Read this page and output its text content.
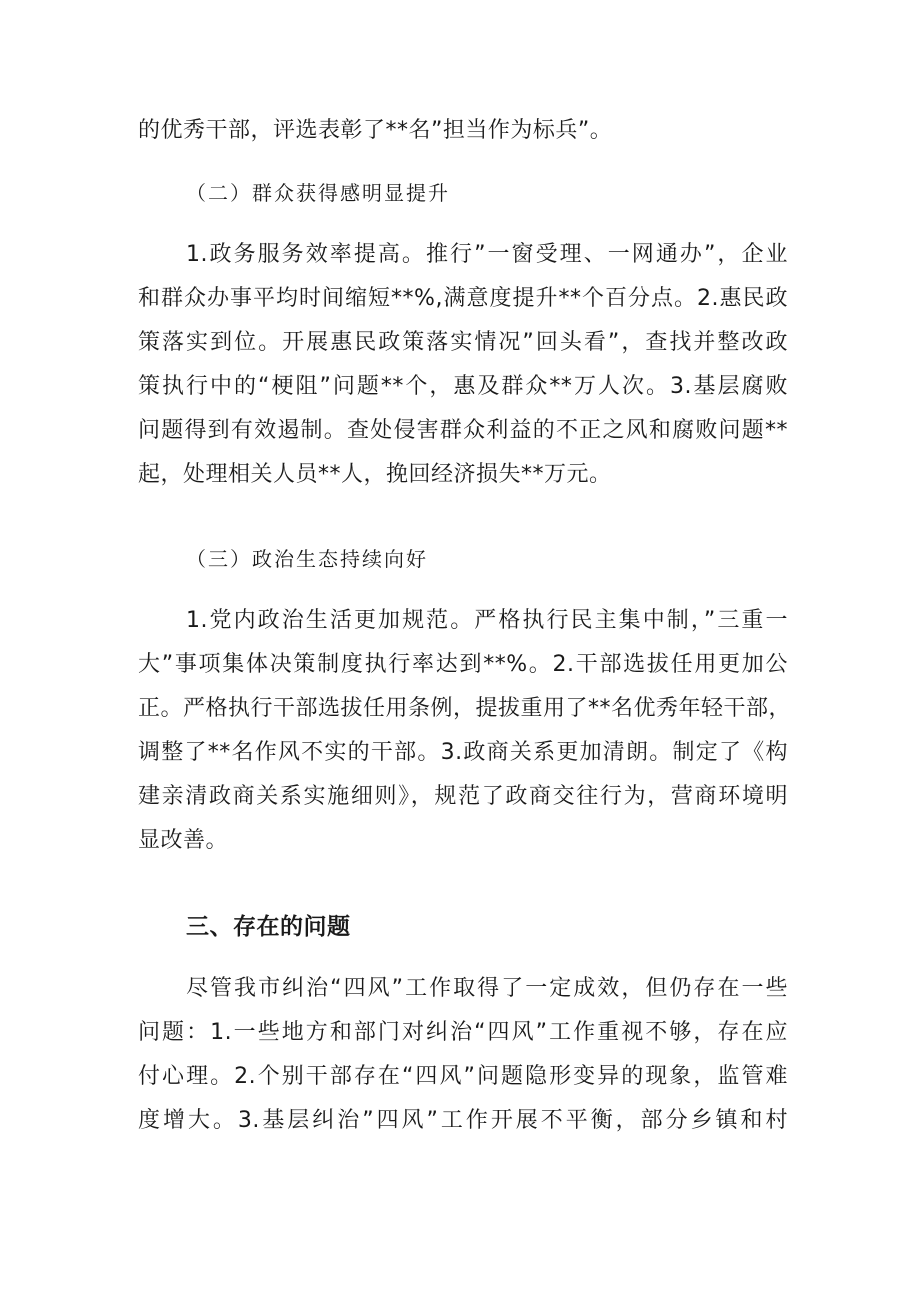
的优秀干部，评选表彰了**名”担当作为标兵”。
（二）群众获得感明显提升
1.政务服务效率提高。推行”一窗受理、一网通办”，企业
和群众办事平均时间缩短**%,满意度提升**个百分点。2.惠民政
策落实到位。开展惠民政策落实情况”回头看”，查找并整改政
策执行中的“梗阻”问题**个，惠及群众**万人次。3.基层腐败
问题得到有效遏制。查处侵害群众利益的不正之风和腐败问题**
起，处理相关人员**人，挽回经济损失**万元。
（三）政治生态持续向好
1.党内政治生活更加规范。严格执行民主集中制，”三重一
大”事项集体决策制度执行率达到**%。2.干部选拔任用更加公
正。严格执行干部选拔任用条例，提拔重用了**名优秀年轻干部，
调整了**名作风不实的干部。3.政商关系更加清朗。制定了《构
建亲清政商关系实施细则》，规范了政商交往行为，营商环境明
显改善。
三、存在的问题
尽管我市纠治“四风”工作取得了一定成效，但仍存在一些
问题：1.一些地方和部门对纠治“四风”工作重视不够，存在应
付心理。2.个别干部存在“四风”问题隐形变异的现象，监管难
度增大。3.基层纠治”四风”工作开展不平衡，部分乡镇和村
